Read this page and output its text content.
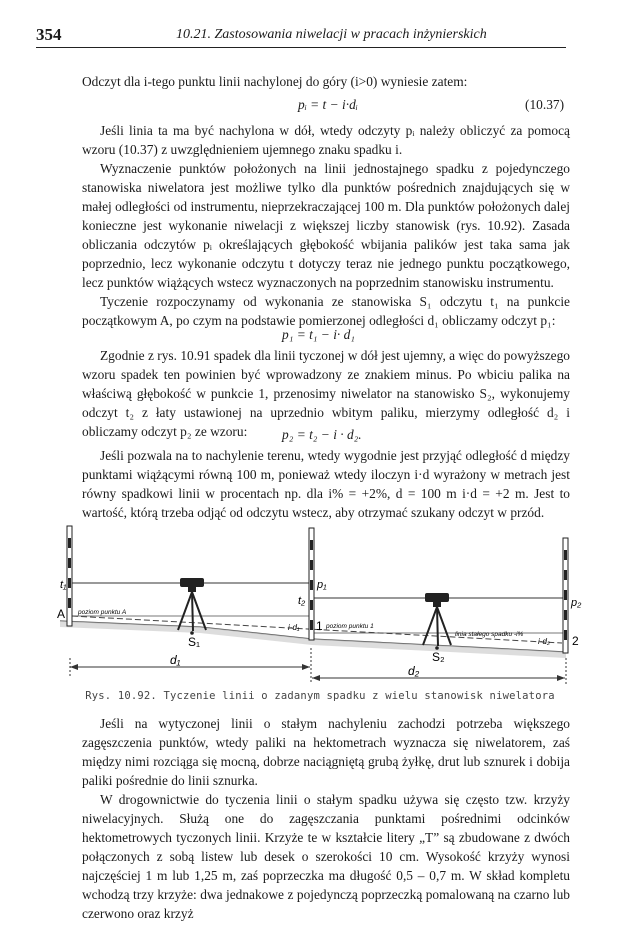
354	10.21. Zastosowania niwelacji w pracach inżynierskich
Odczyt dla i-tego punktu linii nachylonej do góry (i>0) wyniesie zatem:
pᵢ = t − i·dᵢ	(10.37)
Jeśli linia ta ma być nachylona w dół, wtedy odczyty pᵢ należy obliczyć za pomocą wzoru (10.37) z uwzględnieniem ujemnego znaku spadku i.
Wyznaczenie punktów położonych na linii jednostajnego spadku z pojedynczego stanowiska niwelatora jest możliwe tylko dla punktów pośrednich znajdujących się w małej odległości od instrumentu, nieprzekraczającej 100 m. Dla punktów położonych dalej konieczne jest wykonanie niwelacji z większej liczby stanowisk (rys. 10.92). Zasada obliczania odczytów pᵢ określających głębokość wbijania palików jest taka sama jak poprzednio, lecz wykonanie odczytu t dotyczy teraz nie jednego punktu początkowego, lecz punktów wiążących wstecz wyznaczonych na poprzednim stanowisku instrumentu.
Tyczenie rozpoczynamy od wykonania ze stanowiska S₁ odczytu t₁ na punkcie początkowym A, po czym na podstawie pomierzonej odległości d₁ obliczamy odczyt p₁:
p₁ = t₁ − i· d₁
Zgodnie z rys. 10.91 spadek dla linii tyczonej w dół jest ujemny, a więc do powyższego wzoru spadek ten powinien być wprowadzony ze znakiem minus. Po wbiciu palika na właściwą głębokość w punkcie 1, przenosimy niwelator na stanowisko S₂, wykonujemy odczyt t₂ z łaty ustawionej na uprzednio wbitym paliku, mierzymy odległość d₂ i obliczamy odczyt p₂ ze wzoru:	p₂ = t₂ − i · d₂.
Jeśli pozwala na to nachylenie terenu, wtedy wygodnie jest przyjąć odległość d między punktami wiążącymi równą 100 m, ponieważ wtedy iloczyn i·d wyrażony w metrach jest równy spadkowi linii w procentach np. dla i% = +2%, d = 100 m i·d = +2 m. Jest to wartość, którą trzeba odjąć od odczytu wstecz, aby otrzymać szukany odczyt w przód.
t₁	p₁
t₂	p₂
A poziom punktu A
1 poziom punktu 1
i·d₁
2
linia stałego spadku -i%
i·d₂
S₁
S₂
d₁
d₂
Rys. 10.92. Tyczenie linii o zadanym spadku z wielu stanowisk niwelatora
Jeśli na wytyczonej linii o stałym nachyleniu zachodzi potrzeba większego zagęszczenia punktów, wtedy paliki na hektometrach wyznacza się niwelatorem, zaś między nimi rozciąga się mocną, dobrze naciągniętą grubą żyłkę, drut lub sznurek i dobija paliki pośrednie do linii sznurka.
W drogownictwie do tyczenia linii o stałym spadku używa się często tzw. krzyży niwelacyjnych. Służą one do zagęszczania punktami pośrednimi odcinków hektometrowych tyczonych linii. Krzyże te w kształcie litery „T” są zbudowane z dwóch połączonych z sobą listew lub desek o szerokości 10 cm. Wysokość krzyży wynosi najczęściej 1 m lub 1,25 m, zaś poprzeczka ma długość 0,5 – 0,7 m. W skład kompletu wchodzą trzy krzyże: dwa jednakowe z pojedynczą poprzeczką pomalowaną na czarno lub czerwono oraz krzyż
